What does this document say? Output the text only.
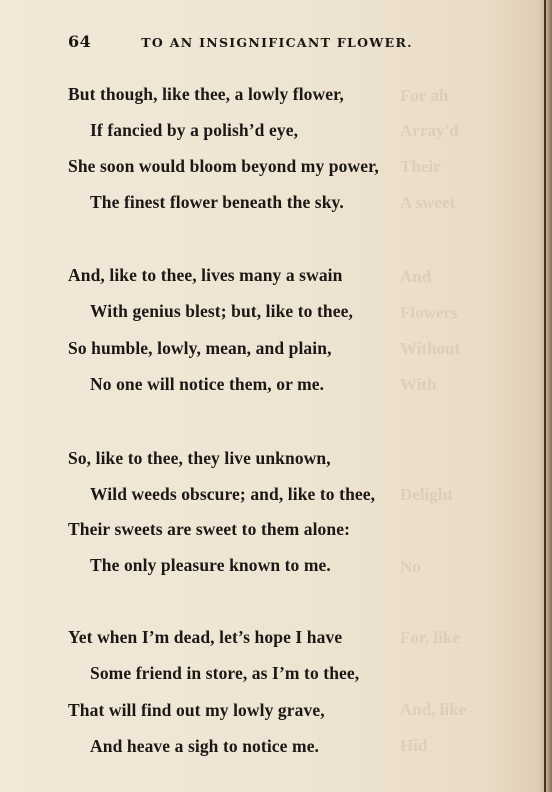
For ah
Array'd
Their
A sweet
And
Flowers
Without
With
Delight
No
For, like
And, like
Hid
64	TO AN INSIGNIFICANT FLOWER.
But though, like thee, a lowly flower,
If fancied by a polish’d eye,
She soon would bloom beyond my power,
The finest flower beneath the sky.
And, like to thee, lives many a swain
With genius blest; but, like to thee,
So humble, lowly, mean, and plain,
No one will notice them, or me.
So, like to thee, they live unknown,
Wild weeds obscure; and, like to thee,
Their sweets are sweet to them alone:
The only pleasure known to me.
Yet when I’m dead, let’s hope I have
Some friend in store, as I’m to thee,
That will find out my lowly grave,
And heave a sigh to notice me.
